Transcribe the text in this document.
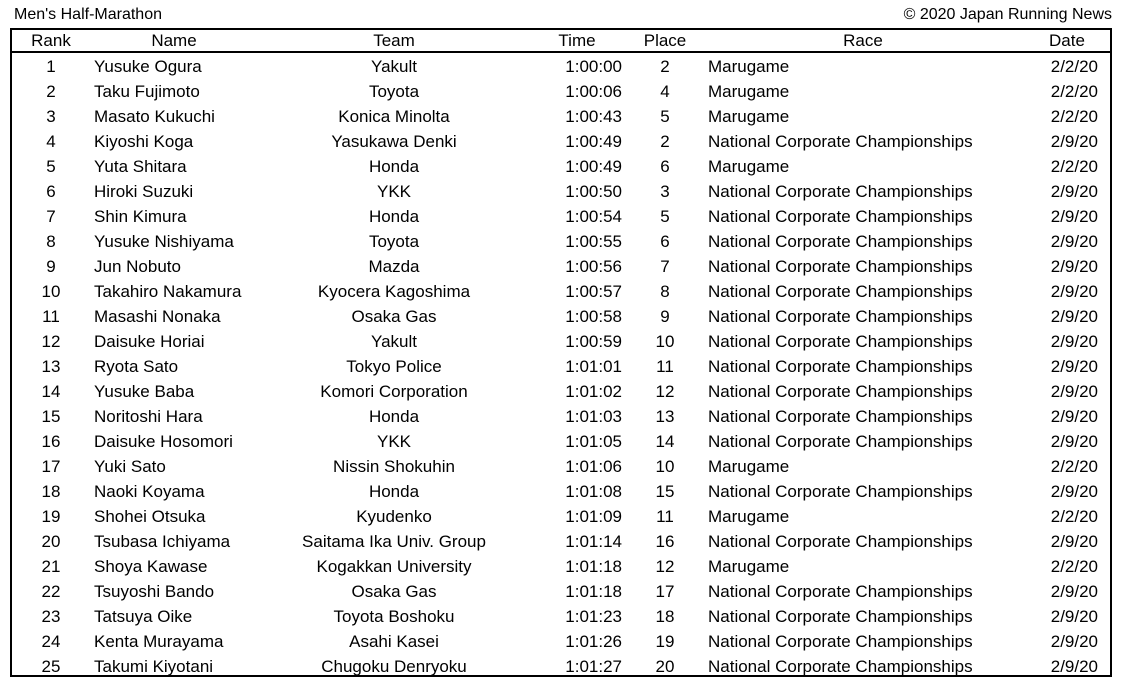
Men's Half-Marathon	© 2020 Japan Running News
Rank	Name	Team	Time	Place	Race	Date
1	Yusuke Ogura	Yakult	1:00:00	2	Marugame	2/2/20
2	Taku Fujimoto	Toyota	1:00:06	4	Marugame	2/2/20
3	Masato Kukuchi	Konica Minolta	1:00:43	5	Marugame	2/2/20
4	Kiyoshi Koga	Yasukawa Denki	1:00:49	2	National Corporate Championships	2/9/20
5	Yuta Shitara	Honda	1:00:49	6	Marugame	2/2/20
6	Hiroki Suzuki	YKK	1:00:50	3	National Corporate Championships	2/9/20
7	Shin Kimura	Honda	1:00:54	5	National Corporate Championships	2/9/20
8	Yusuke Nishiyama	Toyota	1:00:55	6	National Corporate Championships	2/9/20
9	Jun Nobuto	Mazda	1:00:56	7	National Corporate Championships	2/9/20
10	Takahiro Nakamura	Kyocera Kagoshima	1:00:57	8	National Corporate Championships	2/9/20
11	Masashi Nonaka	Osaka Gas	1:00:58	9	National Corporate Championships	2/9/20
12	Daisuke Horiai	Yakult	1:00:59	10	National Corporate Championships	2/9/20
13	Ryota Sato	Tokyo Police	1:01:01	11	National Corporate Championships	2/9/20
14	Yusuke Baba	Komori Corporation	1:01:02	12	National Corporate Championships	2/9/20
15	Noritoshi Hara	Honda	1:01:03	13	National Corporate Championships	2/9/20
16	Daisuke Hosomori	YKK	1:01:05	14	National Corporate Championships	2/9/20
17	Yuki Sato	Nissin Shokuhin	1:01:06	10	Marugame	2/2/20
18	Naoki Koyama	Honda	1:01:08	15	National Corporate Championships	2/9/20
19	Shohei Otsuka	Kyudenko	1:01:09	11	Marugame	2/2/20
20	Tsubasa Ichiyama	Saitama Ika Univ. Group	1:01:14	16	National Corporate Championships	2/9/20
21	Shoya Kawase	Kogakkan University	1:01:18	12	Marugame	2/2/20
22	Tsuyoshi Bando	Osaka Gas	1:01:18	17	National Corporate Championships	2/9/20
23	Tatsuya Oike	Toyota Boshoku	1:01:23	18	National Corporate Championships	2/9/20
24	Kenta Murayama	Asahi Kasei	1:01:26	19	National Corporate Championships	2/9/20
25	Takumi Kiyotani	Chugoku Denryoku	1:01:27	20	National Corporate Championships	2/9/20
